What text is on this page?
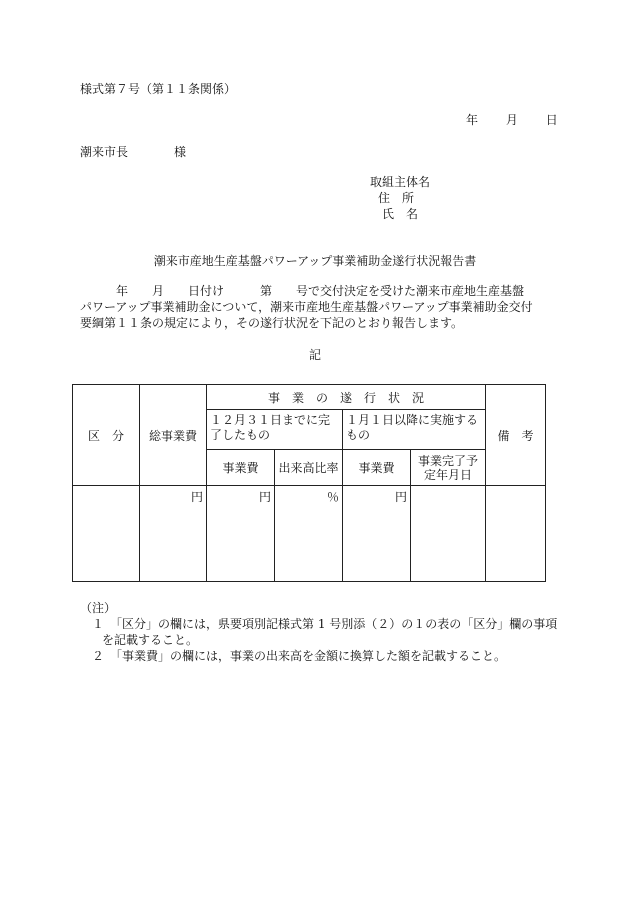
様式第７号（第１１条関係）
年 月 日
潮来市長	様
取組主体名
住　所
氏　名
潮来市産地生産基盤パワーアップ事業補助金遂行状況報告書
　　　年　　月　　日付け　　　第　　号で交付決定を受けた潮来市産地生産基盤
パワーアップ事業補助金について，潮来市産地生産基盤パワーアップ事業補助金交付
要綱第１１条の規定により，その遂行状況を下記のとおり報告します。
記
区　分	総事業費	事　業　の　遂　行　状　況				備　考
		１２月３１日までに完了したもの		１月１日以降に実施するもの		
		事業費	出来高比率	事業費	事業完了予定年月日	
	円	円	％	円		
（注）
１　「区分」の欄には，県要項別記様式第 1 号別添（２）の１の表の「区分」欄の事項
を記載すること。
２　「事業費」の欄には，事業の出来高を金額に換算した額を記載すること。
